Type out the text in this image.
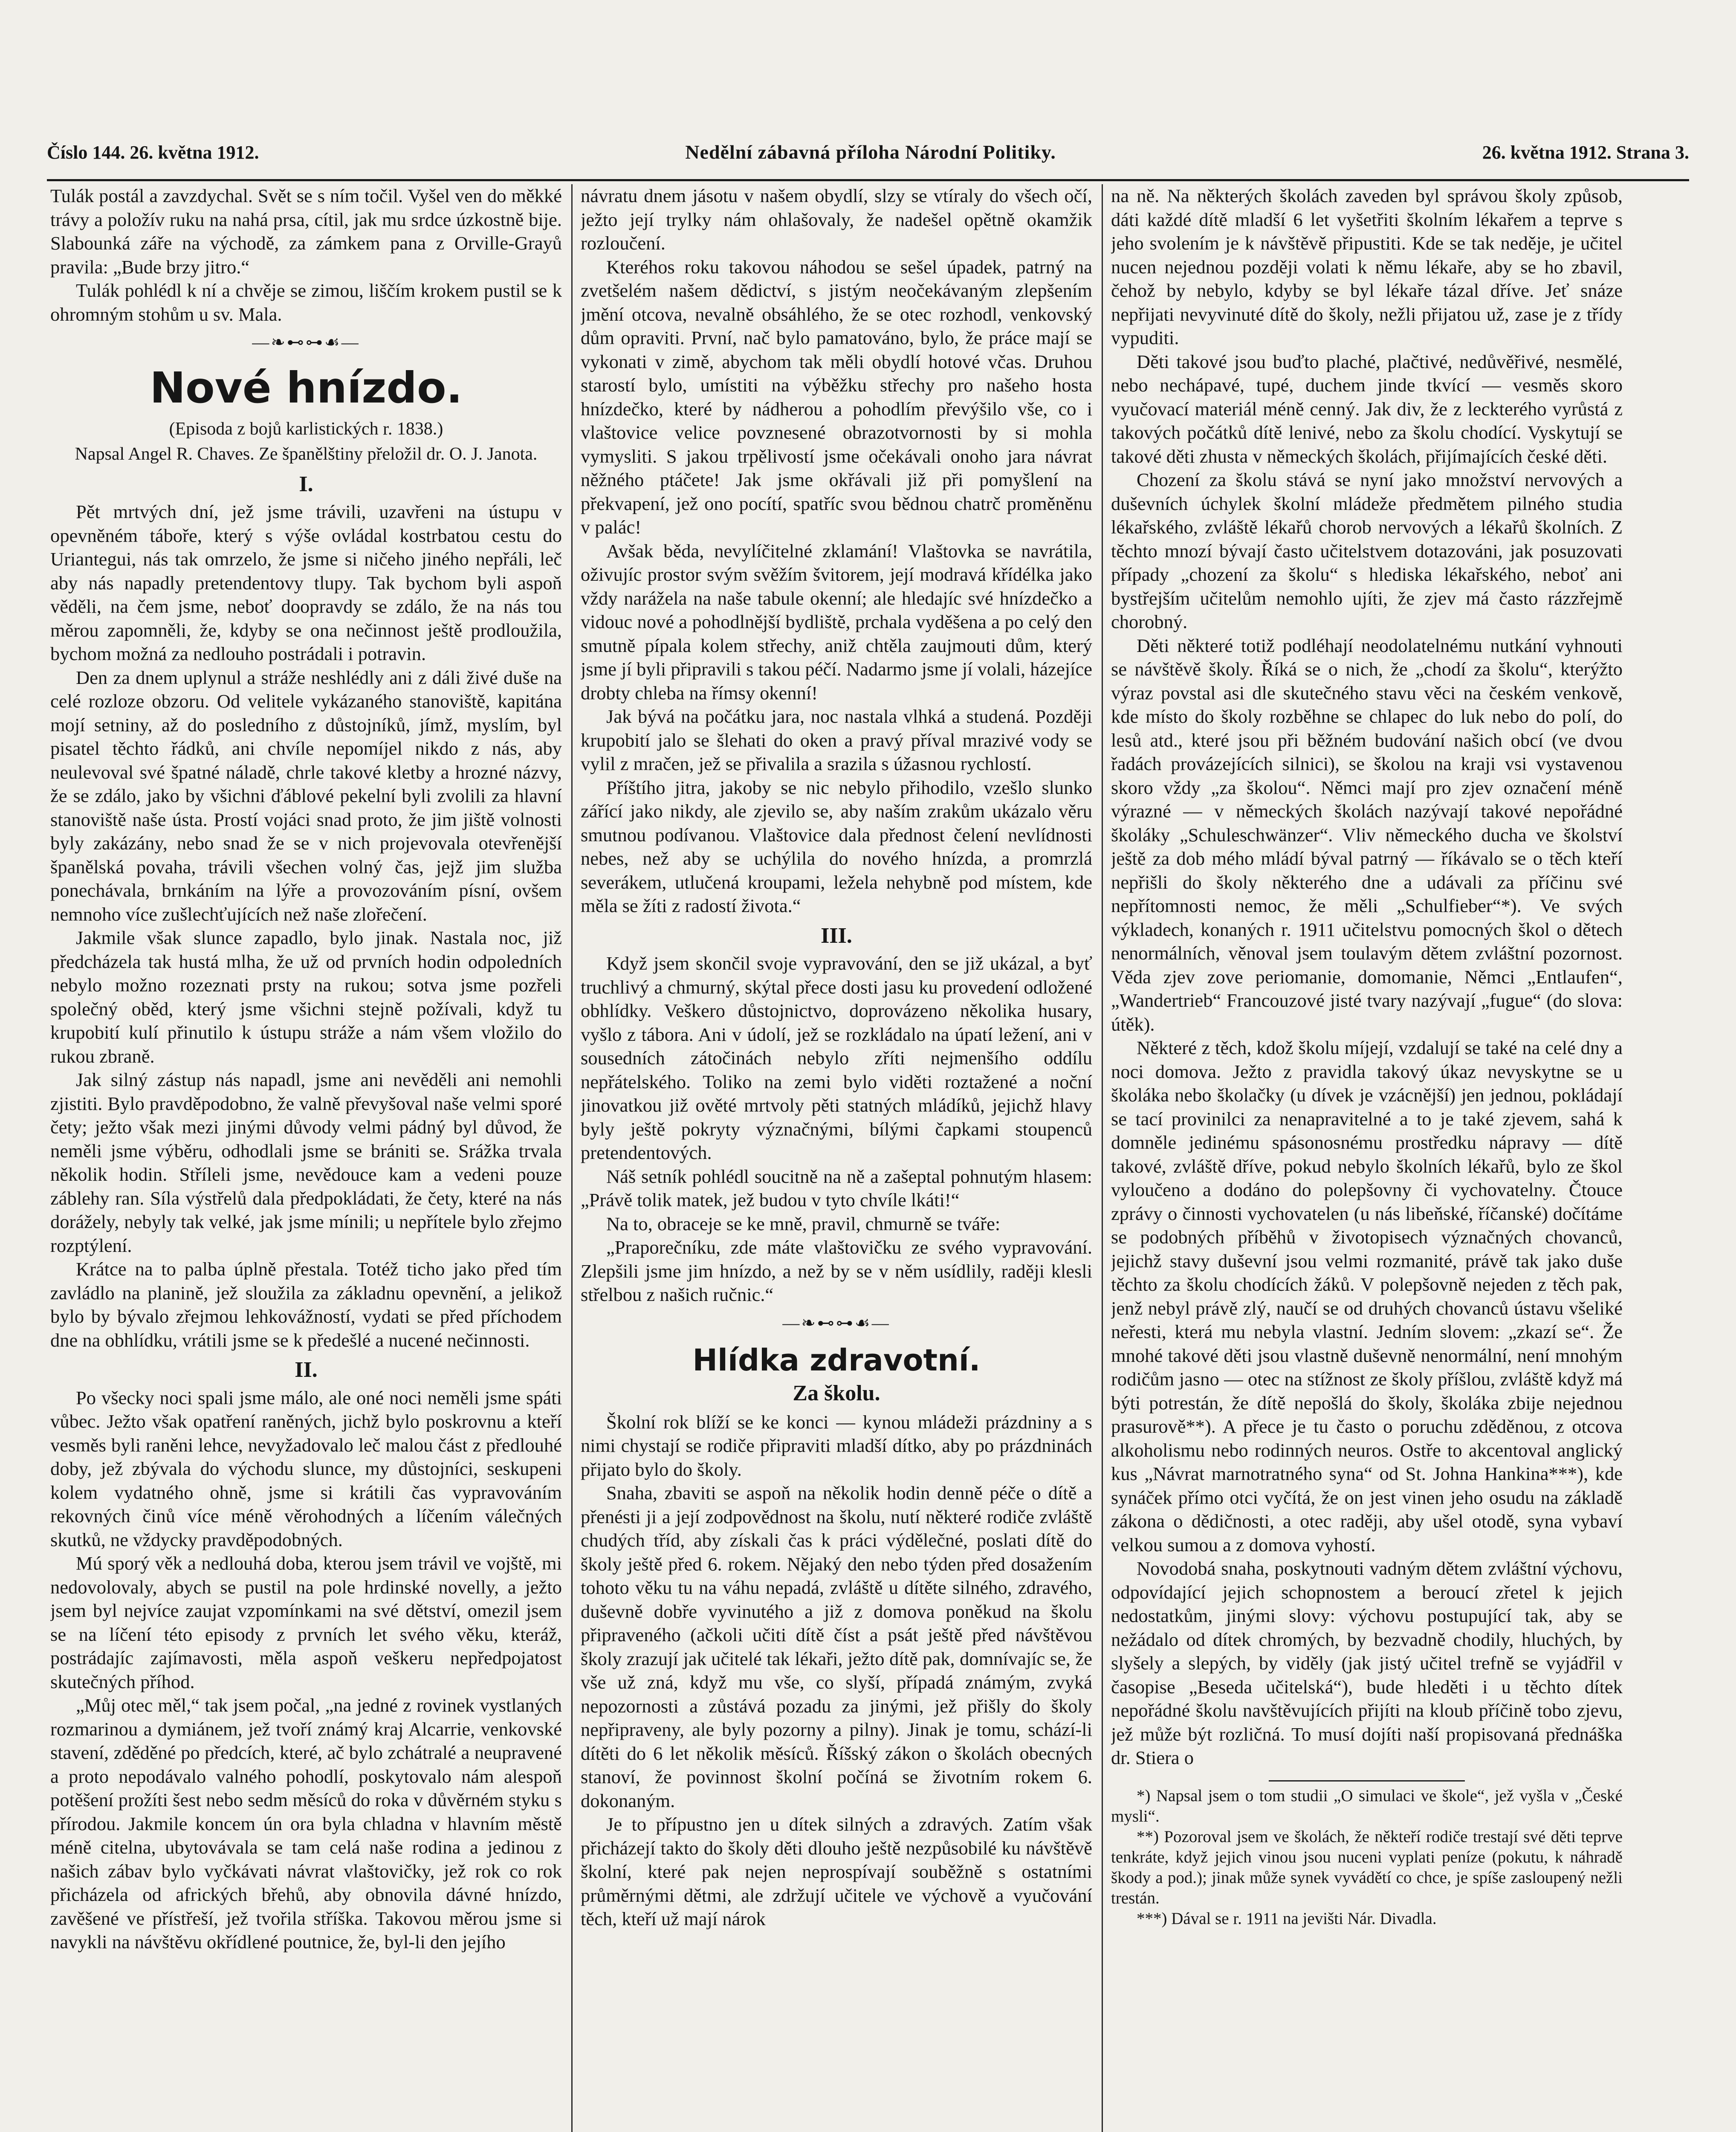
Číslo 144. 26. května 1912.	Nedělní zábavná příloha Národní Politiky.	26. května 1912. Strana 3.

Tulák postál a zavzdychal. Svět se s ním točil. Vyšel ven do měkké trávy a položív ruku na nahá prsa, cítil, jak mu srdce úzkostně bije. Slabounká záře na východě, za zámkem pana z Orville-Grayů pravila: „Bude brzy jitro.“

Tulák pohlédl k ní a chvěje se zimou, liščím krokem pustil se k ohromným stohům u sv. Mala.

—❧⊷⊶☙—
Nové hnízdo.
(Episoda z bojů karlistických r. 1838.)
Napsal Angel R. Chaves. Ze španělštiny přeložil dr. O. J. Janota.
I.

Pět mrtvých dní, jež jsme trávili, uzavřeni na ústupu v opevněném táboře, který s výše ovládal kostrbatou cestu do Uriantegui, nás tak omrzelo, že jsme si ničeho jiného nepřáli, leč aby nás napadly pretendentovy tlupy. Tak bychom byli aspoň věděli, na čem jsme, neboť doopravdy se zdálo, že na nás tou měrou zapomněli, že, kdyby se ona nečinnost ještě prodloužila, bychom možná za nedlouho postrádali i potravin.

Den za dnem uplynul a stráže neshlédly ani z dáli živé duše na celé rozloze obzoru. Od velitele vykázaného stanoviště, kapitána mojí setniny, až do posledního z důstojníků, jímž, myslím, byl pisatel těchto řádků, ani chvíle nepomíjel nikdo z nás, aby neulevoval své špatné náladě, chrle takové kletby a hrozné názvy, že se zdálo, jako by všichni ďáblové pekelní byli zvolili za hlavní stanoviště naše ústa. Prostí vojáci snad proto, že jim jiště volnosti byly zakázány, nebo snad že se v nich projevovala otevřenější španělská povaha, trávili všechen volný čas, jejž jim služba ponechávala, brnkáním na lýře a provozováním písní, ovšem nemnoho více zušlechťujících než naše zlořečení.

Jakmile však slunce zapadlo, bylo jinak. Nastala noc, již předcházela tak hustá mlha, že už od prvních hodin odpoledních nebylo možno rozeznati prsty na rukou; sotva jsme pozřeli společný oběd, který jsme všichni stejně požívali, když tu krupobití kulí přinutilo k ústupu stráže a nám všem vložilo do rukou zbraně.

Jak silný zástup nás napadl, jsme ani nevěděli ani nemohli zjistiti. Bylo pravděpodobno, že valně převyšoval naše velmi sporé čety; ježto však mezi jinými důvody velmi pádný byl důvod, že neměli jsme výběru, odhodlali jsme se brániti se. Srážka trvala několik hodin. Stříleli jsme, nevědouce kam a vedeni pouze záblehy ran. Síla výstřelů dala předpokládati, že čety, které na nás dorážely, nebyly tak velké, jak jsme mínili; u nepřítele bylo zřejmo rozptýlení.

Krátce na to palba úplně přestala. Totéž ticho jako před tím zavládlo na planině, jež sloužila za základnu opevnění, a jelikož bylo by bývalo zřejmou lehkovážností, vydati se před příchodem dne na obhlídku, vrátili jsme se k předešlé a nucené nečinnosti.

II.

Po všecky noci spali jsme málo, ale oné noci neměli jsme spáti vůbec. Ježto však opatření raněných, jichž bylo poskrovnu a kteří vesměs byli raněni lehce, nevyžadovalo leč malou část z předlouhé doby, jež zbývala do východu slunce, my důstojníci, seskupeni kolem vydatného ohně, jsme si krátili čas vypravováním rekovných činů více méně věrohodných a líčením válečných skutků, ne vždycky pravděpodobných.

Mú sporý věk a nedlouhá doba, kterou jsem trávil ve vojště, mi nedovolovaly, abych se pustil na pole hrdinské novelly, a ježto jsem byl nejvíce zaujat vzpomínkami na své dětství, omezil jsem se na líčení této episody z prvních let svého věku, kteráž, postrádajíc zajímavosti, měla aspoň veškeru nepředpojatost skutečných příhod.

„Můj otec měl,“ tak jsem počal, „na jedné z rovinek vystlaných rozmarinou a dymiánem, jež tvoří známý kraj Alcarrie, venkovské stavení, zděděné po předcích, které, ač bylo zchátralé a neupravené a proto nepodávalo valného pohodlí, poskytovalo nám alespoň potěšení prožíti šest nebo sedm měsíců do roka v důvěrném styku s přírodou. Jakmile koncem ún ora byla chladna v hlavním městě méně citelna, ubytovávala se tam celá naše rodina a jedinou z našich zábav bylo vyčkávati návrat vlaštovičky, jež rok co rok přicházela od afrických břehů, aby obnovila dávné hnízdo, zavěšené ve přístřeší, jež tvořila stříška. Takovou měrou jsme si navykli na návštěvu okřídlené poutnice, že, byl-li den jejího

návratu dnem jásotu v našem obydlí, slzy se vtíraly do všech očí, ježto její trylky nám ohlašovaly, že nadešel opětně okamžik rozloučení.

Kteréhos roku takovou náhodou se sešel úpadek, patrný na zvetšelém našem dědictví, s jistým neočekávaným zlepšením jmění otcova, nevalně obsáhlého, že se otec rozhodl, venkovský dům opraviti. První, nač bylo pamatováno, bylo, že práce mají se vykonati v zimě, abychom tak měli obydlí hotové včas. Druhou starostí bylo, umístiti na výběžku střechy pro našeho hosta hnízdečko, které by nádherou a pohodlím převýšilo vše, co i vlaštovice velice povznesené obrazotvornosti by si mohla vymysliti. S jakou trpělivostí jsme očekávali onoho jara návrat něžného ptáčete! Jak jsme okřávali již při pomyšlení na překvapení, jež ono pocítí, spatříc svou bědnou chatrč proměněnu v palác!

Avšak běda, nevylíčitelné zklamání! Vlaštovka se navrátila, oživujíc prostor svým svěžím švitorem, její modravá křídélka jako vždy narážela na naše tabule okenní; ale hledajíc své hnízdečko a vidouc nové a pohodlnější bydliště, prchala vyděšena a po celý den smutně pípala kolem střechy, aniž chtěla zaujmouti dům, který jsme jí byli připravili s takou péčí. Nadarmo jsme jí volali, házejíce drobty chleba na římsy okenní!

Jak bývá na počátku jara, noc nastala vlhká a studená. Později krupobití jalo se šlehati do oken a pravý příval mrazivé vody se vylil z mračen, jež se přivalila a srazila s úžasnou rychlostí.

Příštího jitra, jakoby se nic nebylo přihodilo, vzešlo slunko zářící jako nikdy, ale zjevilo se, aby naším zrakům ukázalo věru smutnou podívanou. Vlaštovice dala přednost čelení nevlídnosti nebes, než aby se uchýlila do nového hnízda, a promrzlá severákem, utlučená kroupami, ležela nehybně pod místem, kde měla se žíti z radostí života.“

III.

Když jsem skončil svoje vypravování, den se již ukázal, a byť truchlivý a chmurný, skýtal přece dosti jasu ku provedení odložené obhlídky. Veškero důstojnictvo, doprovázeno několika husary, vyšlo z tábora. Ani v údolí, jež se rozkládalo na úpatí ležení, ani v sousedních zátočinách nebylo zříti nejmenšího oddílu nepřátelského. Toliko na zemi bylo viděti roztažené a noční jinovatkou již ověté mrtvoly pěti statných mládíků, jejichž hlavy byly ještě pokryty význačnými, bílými čapkami stoupenců pretendentových.

Náš setník pohlédl soucitně na ně a zašeptal pohnutým hlasem: „Právě tolik matek, jež budou v tyto chvíle lkáti!“

Na to, obraceje se ke mně, pravil, chmurně se tváře:

„Praporečníku, zde máte vlaštovičku ze svého vypravování. Zlepšili jsme jim hnízdo, a než by se v něm usídlily, raději klesli střelbou z našich ručnic.“

—❧⊷⊶☙—
Hlídka zdravotní.
Za školu.

Školní rok blíží se ke konci — kynou mládeži prázdniny a s nimi chystají se rodiče připraviti mladší dítko, aby po prázdninách přijato bylo do školy.

Snaha, zbaviti se aspoň na několik hodin denně péče o dítě a přenésti ji a její zodpovědnost na školu, nutí některé rodiče zvláště chudých tříd, aby získali čas k práci výdělečné, poslati dítě do školy ještě před 6. rokem. Nějaký den nebo týden před dosažením tohoto věku tu na váhu nepadá, zvláště u dítěte silného, zdravého, duševně dobře vyvinutého a již z domova poněkud na školu připraveného (ačkoli učiti dítě číst a psát ještě před návštěvou školy zrazují jak učitelé tak lékaři, ježto dítě pak, domnívajíc se, že vše už zná, když mu vše, co slyší, případá známým, zvyká nepozornosti a zůstává pozadu za jinými, jež přišly do školy nepřipraveny, ale byly pozorny a pilny). Jinak je tomu, schází-li dítěti do 6 let několik měsíců. Říšský zákon o školách obecných stanoví, že povinnost školní počíná se životním rokem 6. dokonaným.

Je to přípustno jen u dítek silných a zdravých. Zatím však přicházejí takto do školy děti dlouho ještě nezpůsobilé ku návštěvě školní, které pak nejen neprospívají souběžně s ostatními průměrnými dětmi, ale zdržují učitele ve výchově a vyučování těch, kteří už mají nárok

na ně. Na některých školách zaveden byl správou školy způsob, dáti každé dítě mladší 6 let vyšetřiti školním lékařem a teprve s jeho svolením je k návštěvě připustiti. Kde se tak neděje, je učitel nucen nejednou později volati k němu lékaře, aby se ho zbavil, čehož by nebylo, kdyby se byl lékaře tázal dříve. Jeť snáze nepřijati nevyvinuté dítě do školy, nežli přijatou už, zase je z třídy vypuditi.

Děti takové jsou buďto plaché, plačtivé, nedůvěřivé, nesmělé, nebo nechápavé, tupé, duchem jinde tkvící — vesměs skoro vyučovací materiál méně cenný. Jak div, že z leckterého vyrůstá z takových počátků dítě lenivé, nebo za školu chodící. Vyskytují se takové děti zhusta v německých školách, přijímajících české děti.

Chození za školu stává se nyní jako množství nervových a duševních úchylek školní mládeže předmětem pilného studia lékařského, zvláště lékařů chorob nervových a lékařů školních. Z těchto mnozí bývají často učitelstvem dotazováni, jak posuzovati případy „chození za školu“ s hlediska lékařského, neboť ani bystřejším učitelům nemohlo ujíti, že zjev má často rázzřejmě chorobný.

Děti některé totiž podléhají neodolatelnému nutkání vyhnouti se návštěvě školy. Říká se o nich, že „chodí za školu“, kterýžto výraz povstal asi dle skutečného stavu věci na českém venkově, kde místo do školy rozběhne se chlapec do luk nebo do polí, do lesů atd., které jsou při běžném budování našich obcí (ve dvou řadách provázejících silnici), se školou na kraji vsi vystavenou skoro vždy „za školou“. Němci mají pro zjev označení méně výrazné — v německých školách nazývají takové nepořádné školáky „Schuleschwänzer“. Vliv německého ducha ve školství ještě za dob mého mládí býval patrný — říkávalo se o těch kteří nepřišli do školy některého dne a udávali za příčinu své nepřítomnosti nemoc, že měli „Schulfieber“*). Ve svých výkladech, konaných r. 1911 učitelstvu pomocných škol o dětech nenormálních, věnoval jsem toulavým dětem zvláštní pozornost. Věda zjev zove periomanie, domomanie, Němci „Entlaufen“, „Wandertrieb“ Francouzové jisté tvary nazývají „fugue“ (do slova: útěk).

Některé z těch, kdož školu míjejí, vzdalují se také na celé dny a noci domova. Ježto z pravidla takový úkaz nevyskytne se u školáka nebo školačky (u dívek je vzácnější) jen jednou, pokládají se tací provinilci za nenapravitelné a to je také zjevem, sahá k domněle jedinému spásonosnému prostředku nápravy — dítě takové, zvláště dříve, pokud nebylo školních lékařů, bylo ze škol vyloučeno a dodáno do polepšovny či vychovatelny. Čtouce zprávy o činnosti vychovatelen (u nás libeňské, říčanské) dočítáme se podobných příběhů v životopisech význačných chovanců, jejichž stavy duševní jsou velmi rozmanité, právě tak jako duše těchto za školu chodících žáků. V polepšovně nejeden z těch pak, jenž nebyl právě zlý, naučí se od druhých chovanců ústavu všeliké neřesti, která mu nebyla vlastní. Jedním slovem: „zkazí se“. Že mnohé takové děti jsou vlastně duševně nenormální, není mnohým rodičům jasno — otec na stížnost ze školy příšlou, zvláště když má býti potrestán, že dítě nepošlá do školy, školáka zbije nejednou prasurově**). A přece je tu často o poruchu zděděnou, z otcova alkoholismu nebo rodinných neuros. Ostře to akcentoval anglický kus „Návrat marnotratného syna“ od St. Johna Hankina***), kde synáček přímo otci vyčítá, že on jest vinen jeho osudu na základě zákona o dědičnosti, a otec raději, aby ušel otodě, syna vybaví velkou sumou a z domova vyhostí.

Novodobá snaha, poskytnouti vadným dětem zvláštní výchovu, odpovídající jejich schopnostem a beroucí zřetel k jejich nedostatkům, jinými slovy: výchovu postupující tak, aby se nežádalo od dítek chromých, by bezvadně chodily, hluchých, by slyšely a slepých, by viděly (jak jistý učitel trefně se vyjádřil v časopise „Beseda učitelská“), bude hleděti i u těchto dítek nepořádné školu navštěvujících přijíti na kloub příčině tobo zjevu, jež může být rozličná. To musí dojíti naší propisovaná přednáška dr. Stiera o

*) Napsal jsem o tom studii „O simulaci ve škole“, jež vyšla v „České mysli“.

**) Pozoroval jsem ve školách, že někteří rodiče trestají své děti teprve tenkráte, když jejich vinou jsou nuceni vyplati peníze (pokutu, k náhradě škody a pod.); jinak může synek vyvádětí co chce, je spíše zasloupený nežli trestán.

***) Dával se r. 1911 na jevišti Nár. Divadla.
